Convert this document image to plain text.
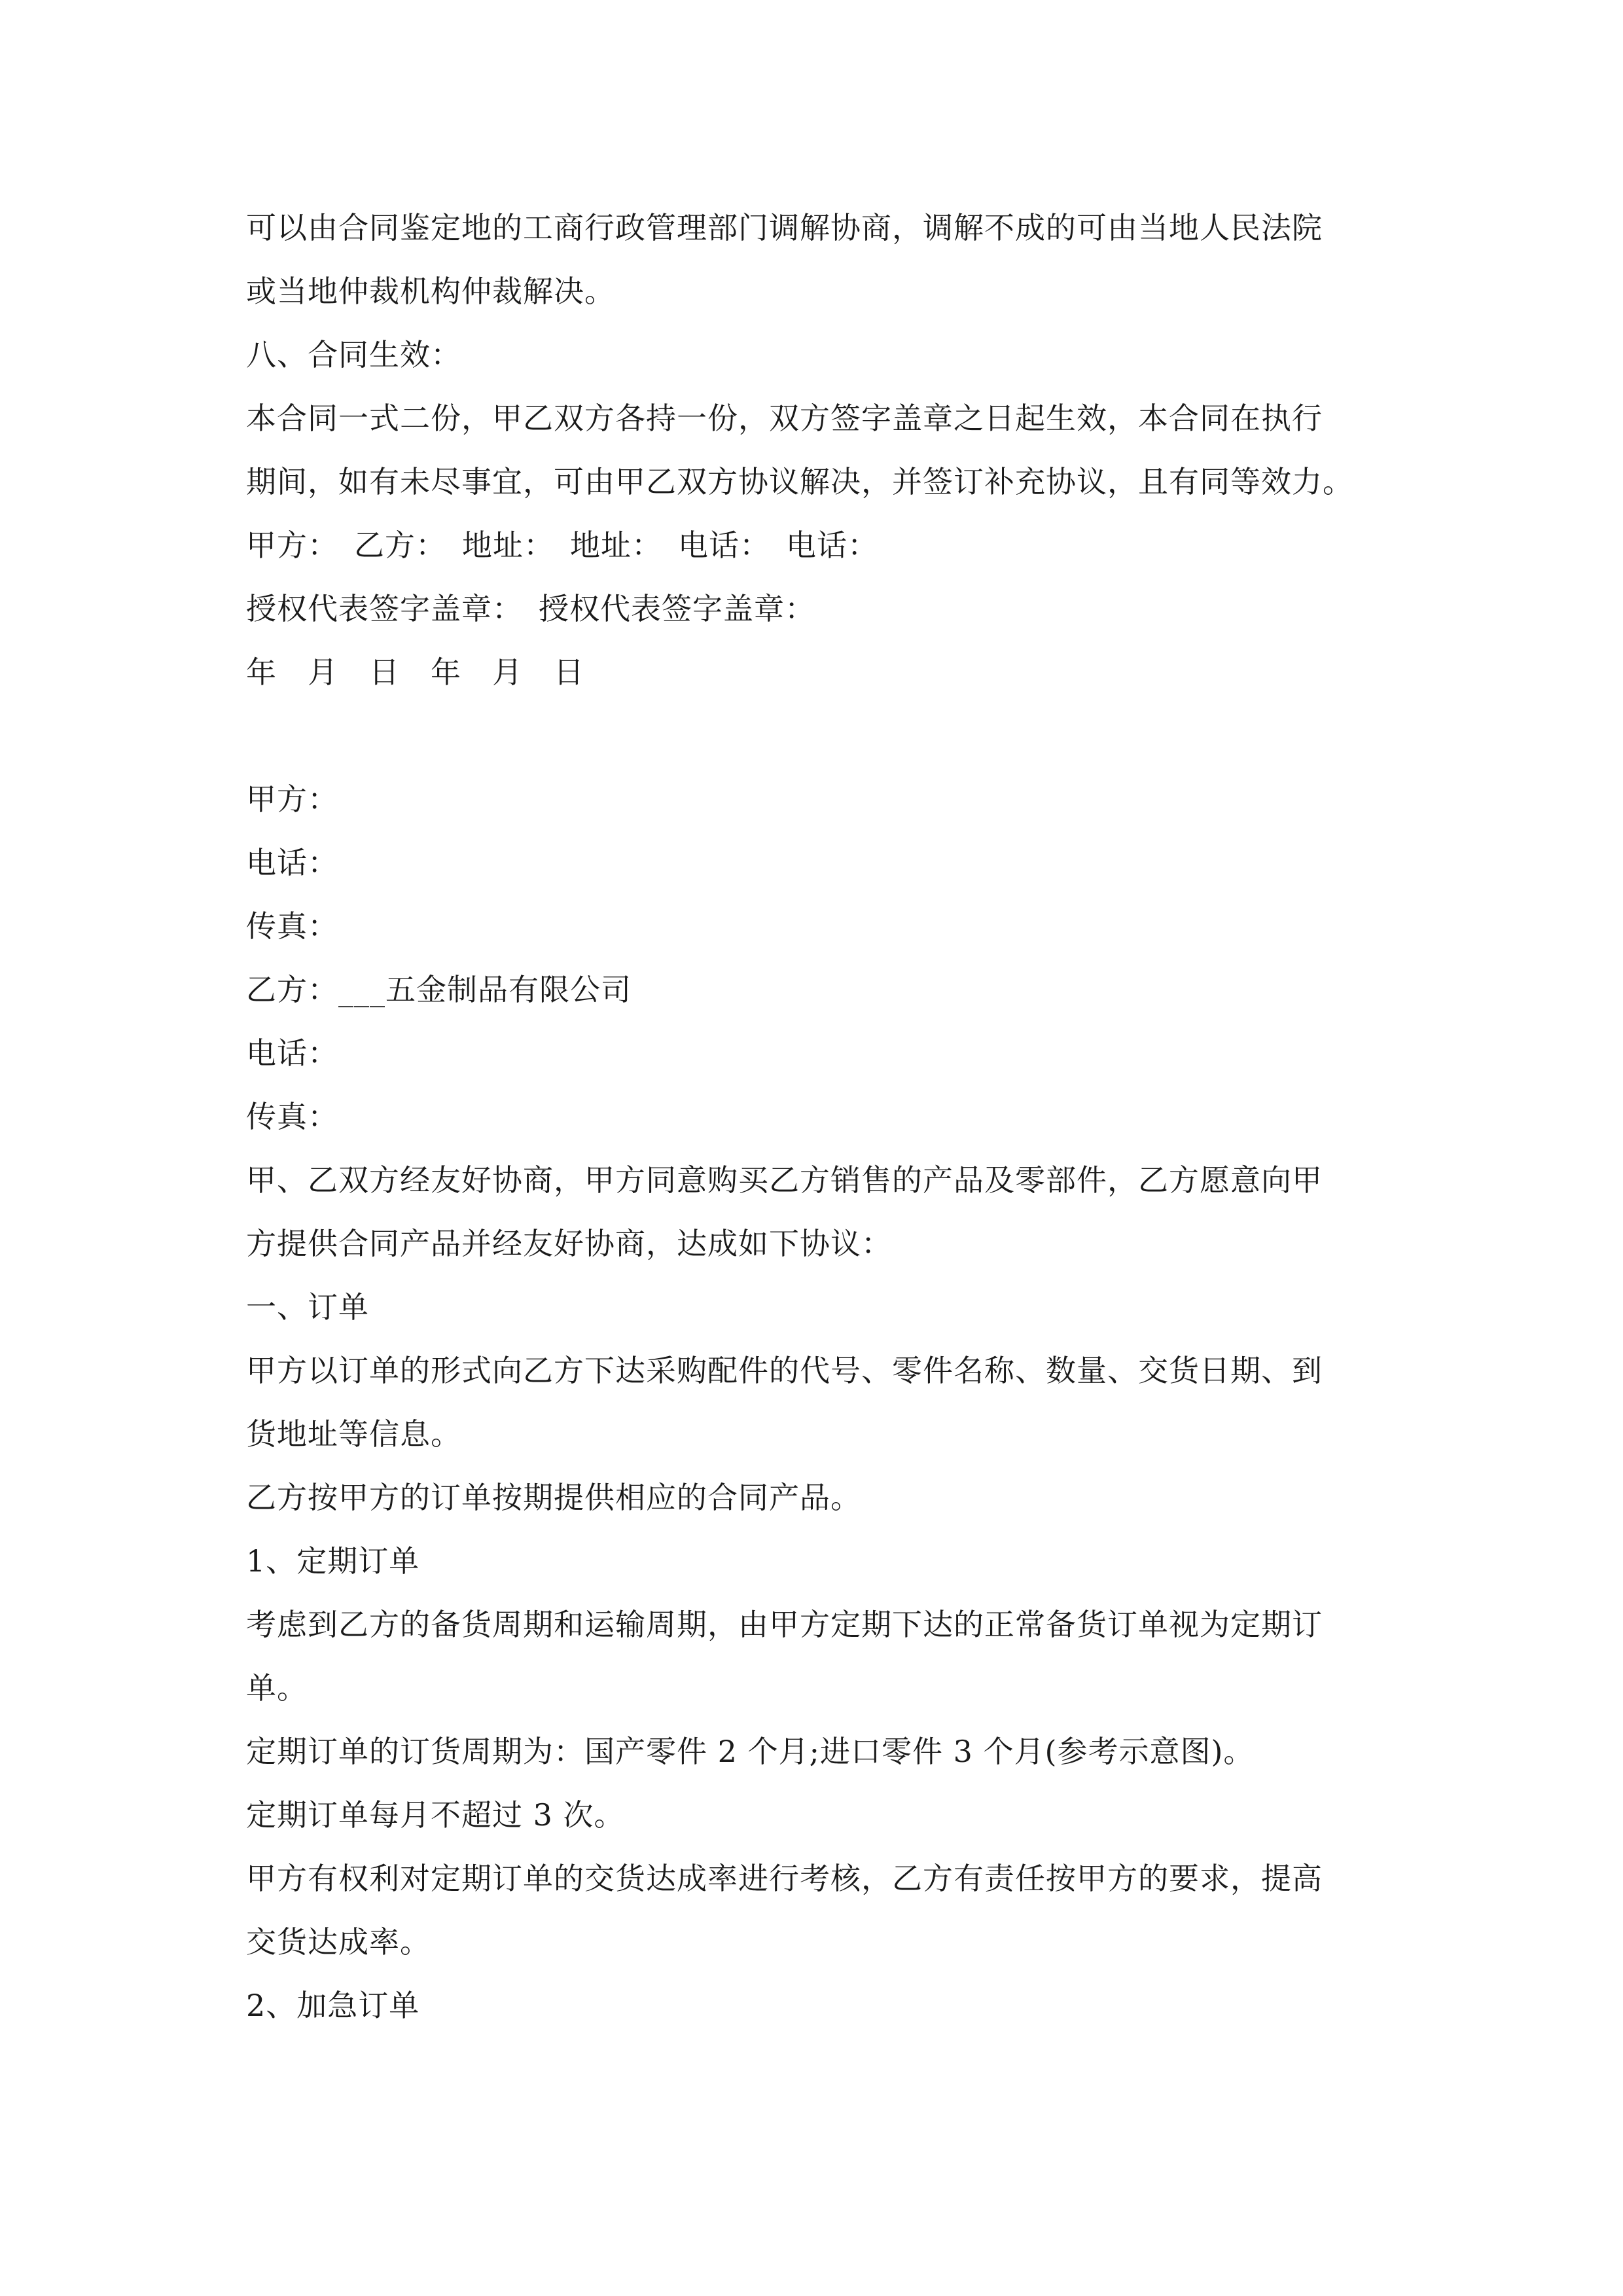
可以由合同鉴定地的工商行政管理部门调解协商，调解不成的可由当地人民法院
或当地仲裁机构仲裁解决。
八、合同生效：
本合同一式二份，甲乙双方各持一份，双方签字盖章之日起生效，本合同在执行
期间，如有未尽事宜，可由甲乙双方协议解决，并签订补充协议，且有同等效力。
甲方：　乙方：　地址：　地址：　电话：　电话：
授权代表签字盖章：　授权代表签字盖章：
年　月　日　年　月　日
甲方：
电话：
传真：
乙方：___五金制品有限公司
电话：
传真：
甲、乙双方经友好协商，甲方同意购买乙方销售的产品及零部件，乙方愿意向甲
方提供合同产品并经友好协商，达成如下协议：
一、订单
甲方以订单的形式向乙方下达采购配件的代号、零件名称、数量、交货日期、到
货地址等信息。
乙方按甲方的订单按期提供相应的合同产品。
1、定期订单
考虑到乙方的备货周期和运输周期，由甲方定期下达的正常备货订单视为定期订
单。
定期订单的订货周期为：国产零件 2 个月;进口零件 3 个月(参考示意图)。
定期订单每月不超过 3 次。
甲方有权利对定期订单的交货达成率进行考核，乙方有责任按甲方的要求，提高
交货达成率。
2、加急订单
